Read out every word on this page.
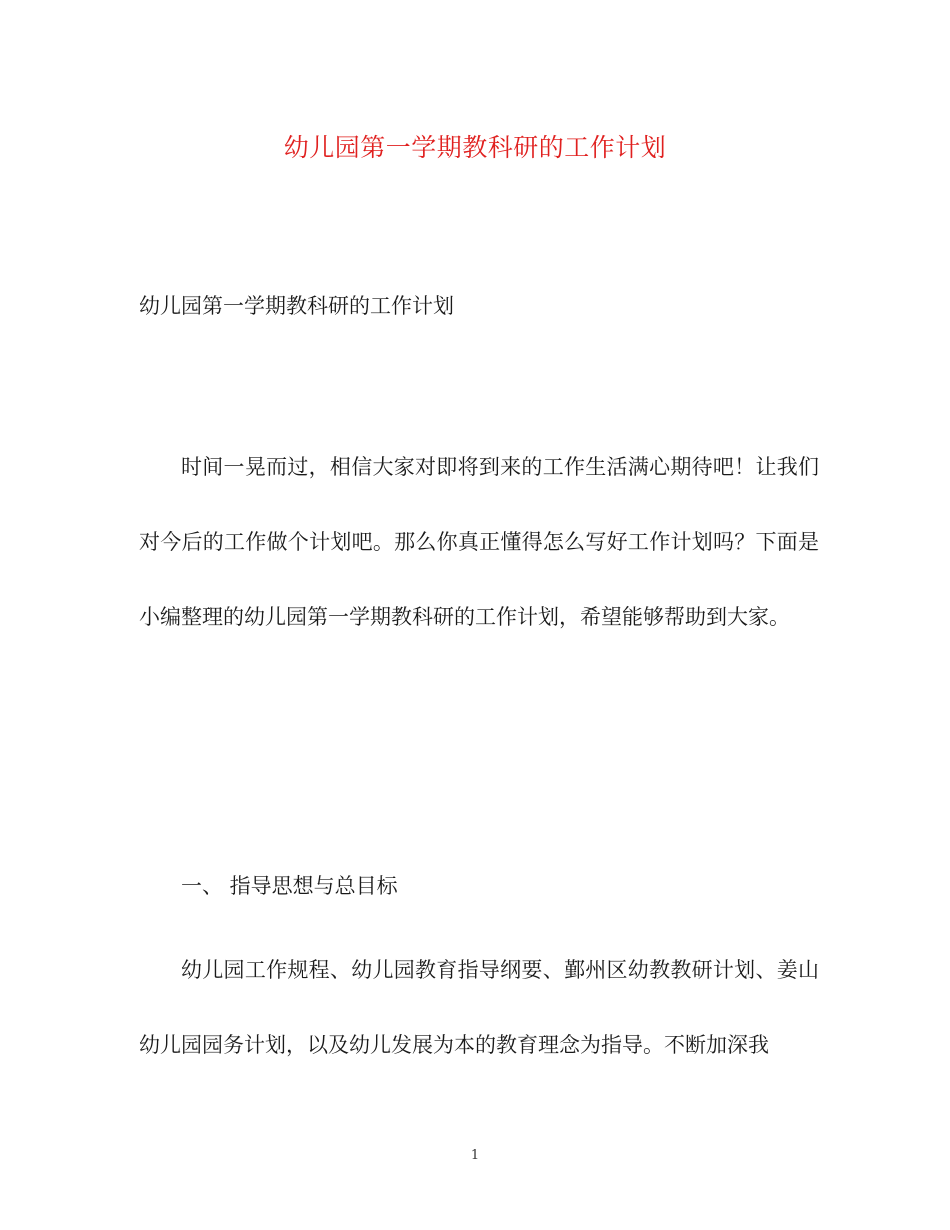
幼儿园第一学期教科研的工作计划
幼儿园第一学期教科研的工作计划
时间一晃而过，相信大家对即将到来的工作生活满心期待吧！让我们对今后的工作做个计划吧。那么你真正懂得怎么写好工作计划吗？下面是小编整理的幼儿园第一学期教科研的工作计划，希望能够帮助到大家。
一、 指导思想与总目标
幼儿园工作规程、幼儿园教育指导纲要、鄞州区幼教教研计划、姜山幼儿园园务计划，以及幼儿发展为本的教育理念为指导。不断加深我
1
